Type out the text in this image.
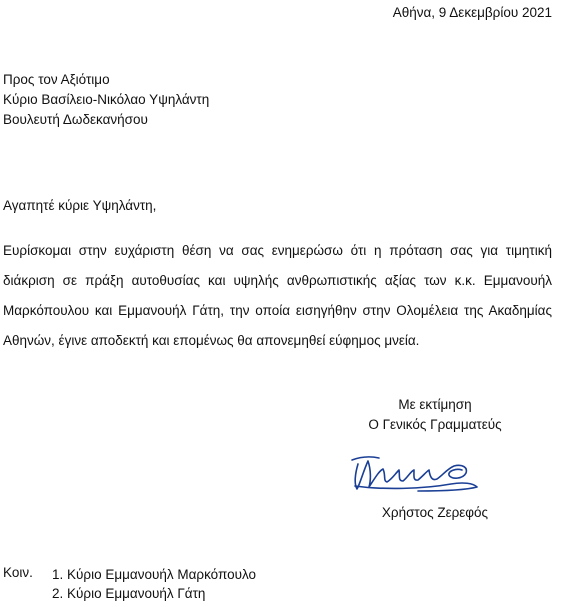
Αθήνα, 9 Δεκεμβρίου 2021
Προς τον Αξιότιμο
Κύριο Βασίλειο-Νικόλαο Υψηλάντη
Βουλευτή Δωδεκανήσου
Αγαπητέ κύριε Υψηλάντη,
Ευρίσκομαι στην ευχάριστη θέση να σας ενημερώσω ότι η πρόταση σας για τιμητική διάκριση σε πράξη αυτοθυσίας και υψηλής ανθρωπιστικής αξίας των κ.κ. Εμμανουήλ Μαρκόπουλου και Εμμανουήλ Γάτη, την οποία εισηγήθην στην Ολομέλεια της Ακαδημίας Αθηνών, έγινε αποδεκτή και επομένως θα απονεμηθεί εύφημος μνεία.
Με εκτίμηση
Ο Γενικός Γραμματεύς
Χρήστος Ζερεφός
Κοιν. 1. Κύριο Εμμανουήλ Μαρκόπουλο
2. Κύριο Εμμανουήλ Γάτη
